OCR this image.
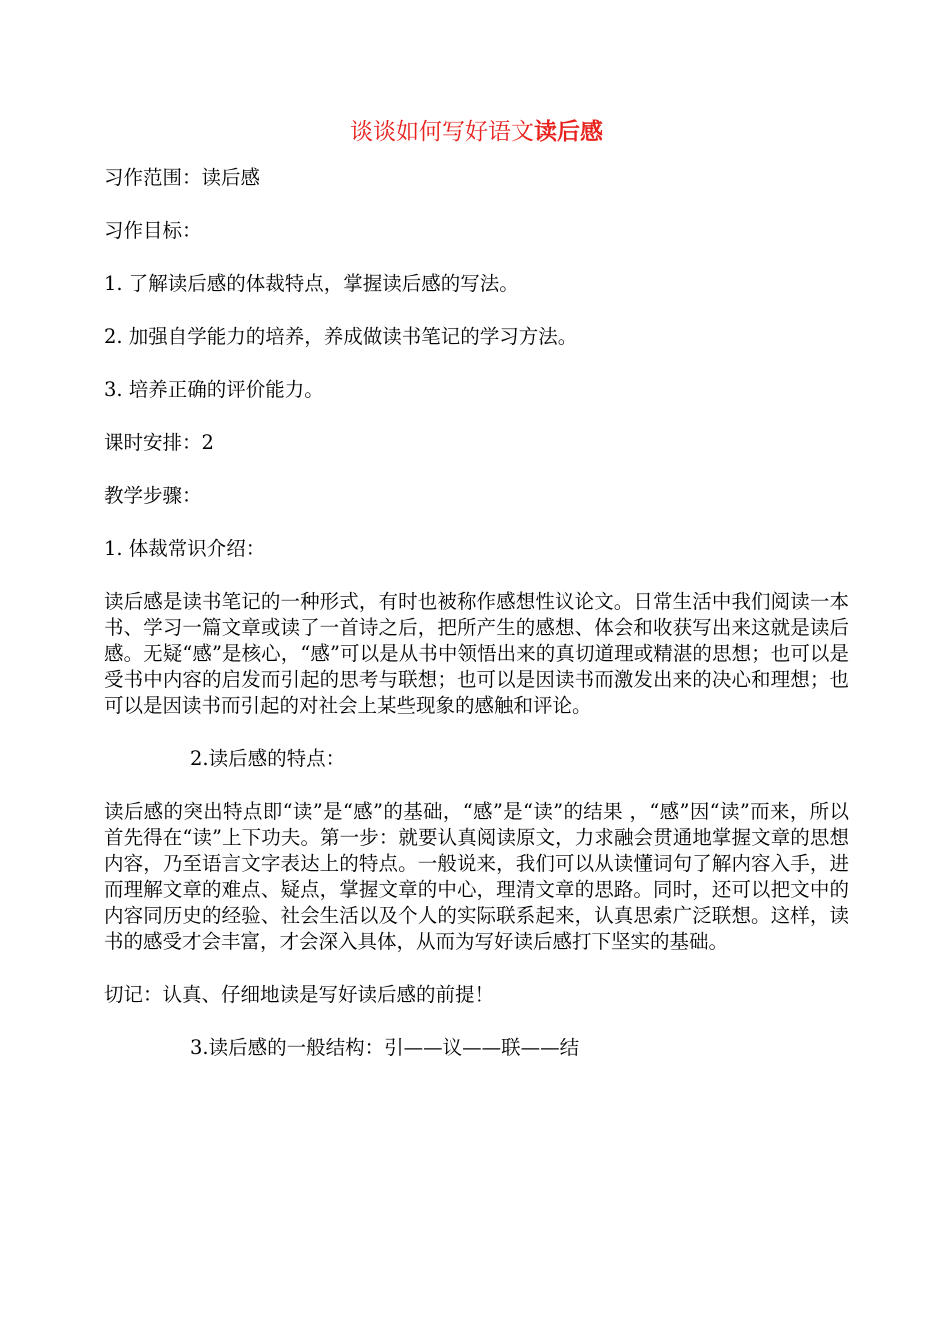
谈谈如何写好语文读后感

习作范围：读后感

习作目标：

1. 了解读后感的体裁特点，掌握读后感的写法。

2. 加强自学能力的培养，养成做读书笔记的学习方法。

3. 培养正确的评价能力。

课时安排：2

教学步骤：

1. 体裁常识介绍：

读后感是读书笔记的一种形式，有时也被称作感想性议论文。日常生活中我们阅读一本书、学习一篇文章或读了一首诗之后，把所产生的感想、体会和收获写出来这就是读后感。无疑“感”是核心，“感”可以是从书中领悟出来的真切道理或精湛的思想；也可以是受书中内容的启发而引起的思考与联想；也可以是因读书而激发出来的决心和理想；也可以是因读书而引起的对社会上某些现象的感触和评论。

2.读后感的特点：

读后感的突出特点即“读”是“感”的基础，“感”是“读”的结果 ，“感”因“读”而来，所以首先得在“读”上下功夫。第一步：就要认真阅读原文，力求融会贯通地掌握文章的思想内容，乃至语言文字表达上的特点。一般说来，我们可以从读懂词句了解内容入手，进而理解文章的难点、疑点，掌握文章的中心，理清文章的思路。同时，还可以把文中的内容同历史的经验、社会生活以及个人的实际联系起来，认真思索广泛联想。这样，读书的感受才会丰富，才会深入具体，从而为写好读后感打下坚实的基础。

切记：认真、仔细地读是写好读后感的前提！

3.读后感的一般结构：引——议——联——结
